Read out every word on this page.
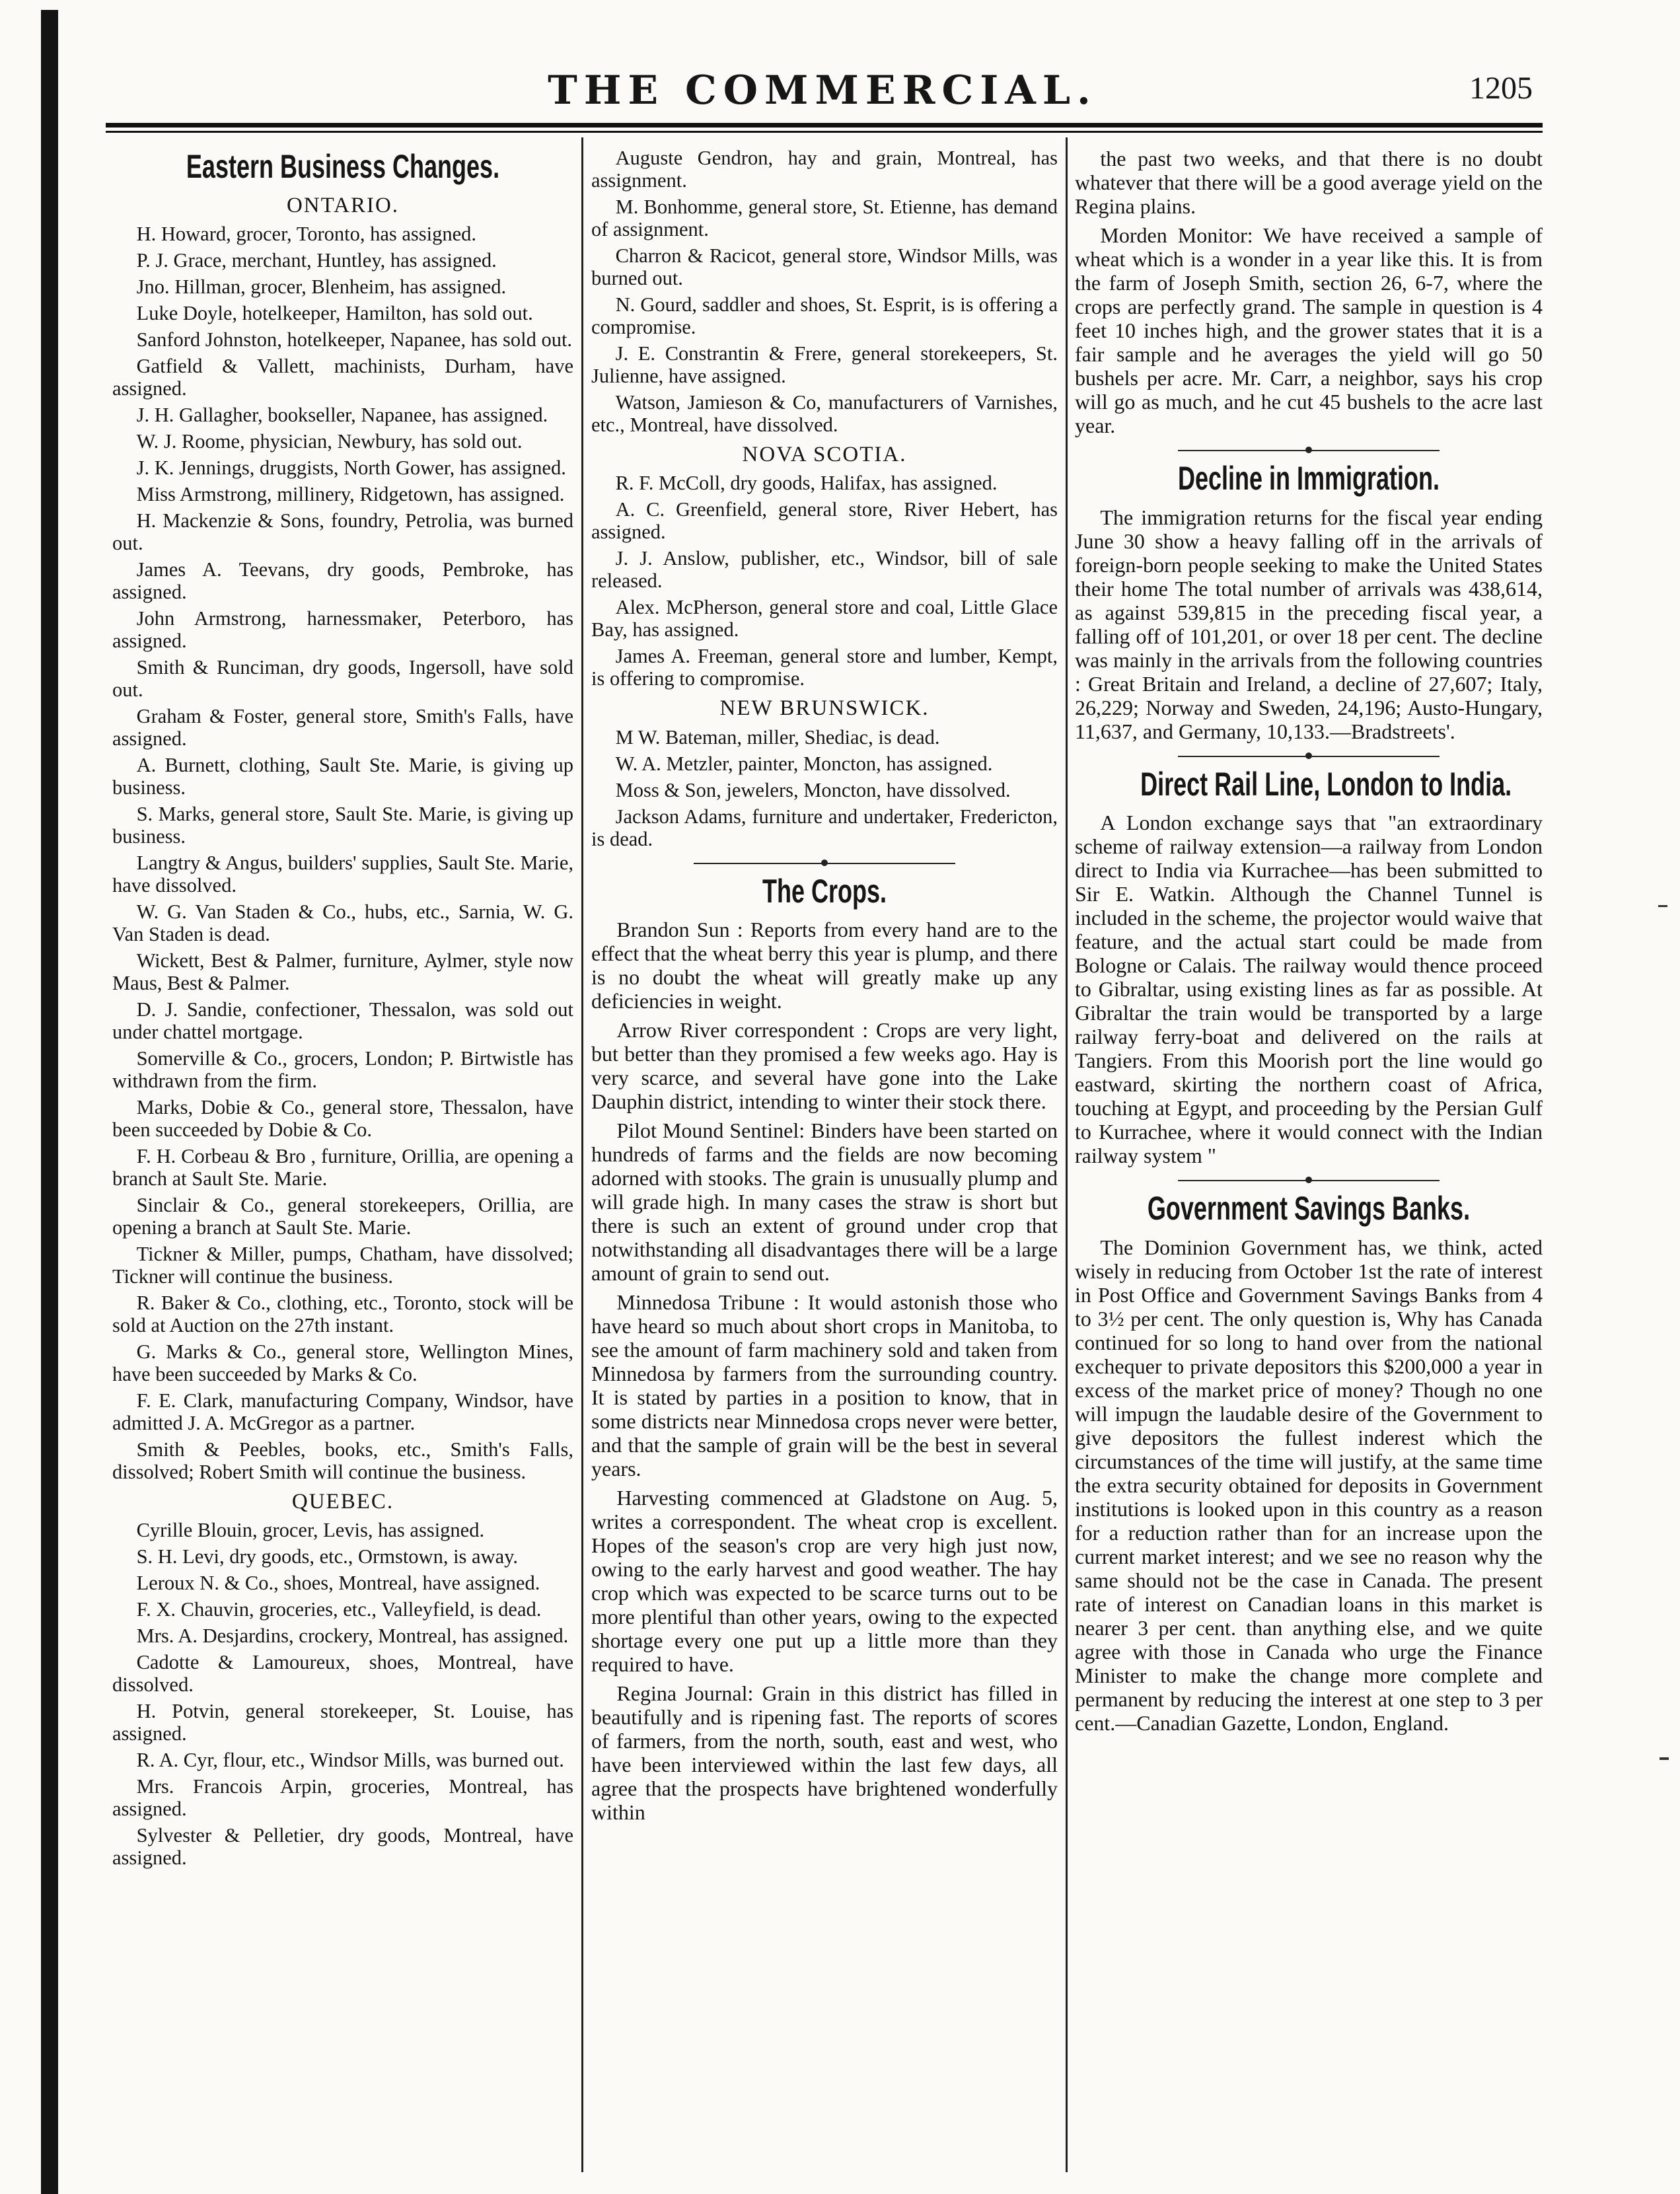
THE COMMERCIAL.	1205
Eastern Business Changes.
ONTARIO.

H. Howard, grocer, Toronto, has assigned.

P. J. Grace, merchant, Huntley, has assigned.

Jno. Hillman, grocer, Blenheim, has assigned.

Luke Doyle, hotelkeeper, Hamilton, has sold out.

Sanford Johnston, hotelkeeper, Napanee, has sold out.

Gatfield & Vallett, machinists, Durham, have assigned.

J. H. Gallagher, bookseller, Napanee, has assigned.

W. J. Roome, physician, Newbury, has sold out.

J. K. Jennings, druggists, North Gower, has assigned.

Miss Armstrong, millinery, Ridgetown, has assigned.

H. Mackenzie & Sons, foundry, Petrolia, was burned out.

James A. Teevans, dry goods, Pembroke, has assigned.

John Armstrong, harnessmaker, Peterboro, has assigned.

Smith & Runciman, dry goods, Ingersoll, have sold out.

Graham & Foster, general store, Smith's Falls, have assigned.

A. Burnett, clothing, Sault Ste. Marie, is giving up business.

S. Marks, general store, Sault Ste. Marie, is giving up business.

Langtry & Angus, builders' supplies, Sault Ste. Marie, have dissolved.

W. G. Van Staden & Co., hubs, etc., Sarnia, W. G. Van Staden is dead.

Wickett, Best & Palmer, furniture, Aylmer, style now Maus, Best & Palmer.

D. J. Sandie, confectioner, Thessalon, was sold out under chattel mortgage.

Somerville & Co., grocers, London; P. Birtwistle has withdrawn from the firm.

Marks, Dobie & Co., general store, Thessalon, have been succeeded by Dobie & Co.

F. H. Corbeau & Bro , furniture, Orillia, are opening a branch at Sault Ste. Marie.

Sinclair & Co., general storekeepers, Orillia, are opening a branch at Sault Ste. Marie.

Tickner & Miller, pumps, Chatham, have dissolved; Tickner will continue the business.

R. Baker & Co., clothing, etc., Toronto, stock will be sold at Auction on the 27th instant.

G. Marks & Co., general store, Wellington Mines, have been succeeded by Marks & Co.

F. E. Clark, manufacturing Company, Windsor, have admitted J. A. McGregor as a partner.

Smith & Peebles, books, etc., Smith's Falls, dissolved; Robert Smith will continue the business.

QUEBEC.

Cyrille Blouin, grocer, Levis, has assigned.

S. H. Levi, dry goods, etc., Ormstown, is away.

Leroux N. & Co., shoes, Montreal, have assigned.

F. X. Chauvin, groceries, etc., Valleyfield, is dead.

Mrs. A. Desjardins, crockery, Montreal, has assigned.

Cadotte & Lamoureux, shoes, Montreal, have dissolved.

H. Potvin, general storekeeper, St. Louise, has assigned.

R. A. Cyr, flour, etc., Windsor Mills, was burned out.

Mrs. Francois Arpin, groceries, Montreal, has assigned.

Sylvester & Pelletier, dry goods, Montreal, have assigned.

Auguste Gendron, hay and grain, Montreal, has assignment.

M. Bonhomme, general store, St. Etienne, has demand of assignment.

Charron & Racicot, general store, Windsor Mills, was burned out.

N. Gourd, saddler and shoes, St. Esprit, is is offering a compromise.

J. E. Constrantin & Frere, general storekeepers, St. Julienne, have assigned.

Watson, Jamieson & Co, manufacturers of Varnishes, etc., Montreal, have dissolved.

NOVA SCOTIA.

R. F. McColl, dry goods, Halifax, has assigned.

A. C. Greenfield, general store, River Hebert, has assigned.

J. J. Anslow, publisher, etc., Windsor, bill of sale released.

Alex. McPherson, general store and coal, Little Glace Bay, has assigned.

James A. Freeman, general store and lumber, Kempt, is offering to compromise.

NEW BRUNSWICK.

M W. Bateman, miller, Shediac, is dead.

W. A. Metzler, painter, Moncton, has assigned.

Moss & Son, jewelers, Moncton, have dissolved.

Jackson Adams, furniture and undertaker, Fredericton, is dead.

The Crops.

Brandon Sun : Reports from every hand are to the effect that the wheat berry this year is plump, and there is no doubt the wheat will greatly make up any deficiencies in weight.

Arrow River correspondent : Crops are very light, but better than they promised a few weeks ago. Hay is very scarce, and several have gone into the Lake Dauphin district, intending to winter their stock there.

Pilot Mound Sentinel: Binders have been started on hundreds of farms and the fields are now becoming adorned with stooks. The grain is unusually plump and will grade high. In many cases the straw is short but there is such an extent of ground under crop that notwithstanding all disadvantages there will be a large amount of grain to send out.

Minnedosa Tribune : It would astonish those who have heard so much about short crops in Manitoba, to see the amount of farm machinery sold and taken from Minnedosa by farmers from the surrounding country. It is stated by parties in a position to know, that in some districts near Minnedosa crops never were better, and that the sample of grain will be the best in several years.

Harvesting commenced at Gladstone on Aug. 5, writes a correspondent. The wheat crop is excellent. Hopes of the season's crop are very high just now, owing to the early harvest and good weather. The hay crop which was expected to be scarce turns out to be more plentiful than other years, owing to the expected shortage every one put up a little more than they required to have.

Regina Journal: Grain in this district has filled in beautifully and is ripening fast. The reports of scores of farmers, from the north, south, east and west, who have been interviewed within the last few days, all agree that the prospects have brightened wonderfully within

the past two weeks, and that there is no doubt whatever that there will be a good average yield on the Regina plains.

Morden Monitor: We have received a sample of wheat which is a wonder in a year like this. It is from the farm of Joseph Smith, section 26, 6-7, where the crops are perfectly grand. The sample in question is 4 feet 10 inches high, and the grower states that it is a fair sample and he averages the yield will go 50 bushels per acre. Mr. Carr, a neighbor, says his crop will go as much, and he cut 45 bushels to the acre last year.

Decline in Immigration.

The immigration returns for the fiscal year ending June 30 show a heavy falling off in the arrivals of foreign-born people seeking to make the United States their home The total number of arrivals was 438,614, as against 539,815 in the preceding fiscal year, a falling off of 101,201, or over 18 per cent. The decline was mainly in the arrivals from the following countries : Great Britain and Ireland, a decline of 27,607; Italy, 26,229; Norway and Sweden, 24,196; Austo-Hungary, 11,637, and Germany, 10,133.—Bradstreets'.

Direct Rail Line, London to India.

A London exchange says that "an extraordinary scheme of railway extension—a railway from London direct to India via Kurrachee—has been submitted to Sir E. Watkin. Although the Channel Tunnel is included in the scheme, the projector would waive that feature, and the actual start could be made from Bologne or Calais. The railway would thence proceed to Gibraltar, using existing lines as far as possible. At Gibraltar the train would be transported by a large railway ferry-boat and delivered on the rails at Tangiers. From this Moorish port the line would go eastward, skirting the northern coast of Africa, touching at Egypt, and proceeding by the Persian Gulf to Kurrachee, where it would connect with the Indian railway system "

Government Savings Banks.

The Dominion Government has, we think, acted wisely in reducing from October 1st the rate of interest in Post Office and Government Savings Banks from 4 to 3½ per cent. The only question is, Why has Canada continued for so long to hand over from the national exchequer to private depositors this $200,000 a year in excess of the market price of money? Though no one will impugn the laudable desire of the Government to give depositors the fullest inderest which the circumstances of the time will justify, at the same time the extra security obtained for deposits in Government institutions is looked upon in this country as a reason for a reduction rather than for an increase upon the current market interest; and we see no reason why the same should not be the case in Canada. The present rate of interest on Canadian loans in this market is nearer 3 per cent. than anything else, and we quite agree with those in Canada who urge the Finance Minister to make the change more complete and permanent by reducing the interest at one step to 3 per cent.—Canadian Gazette, London, England.
